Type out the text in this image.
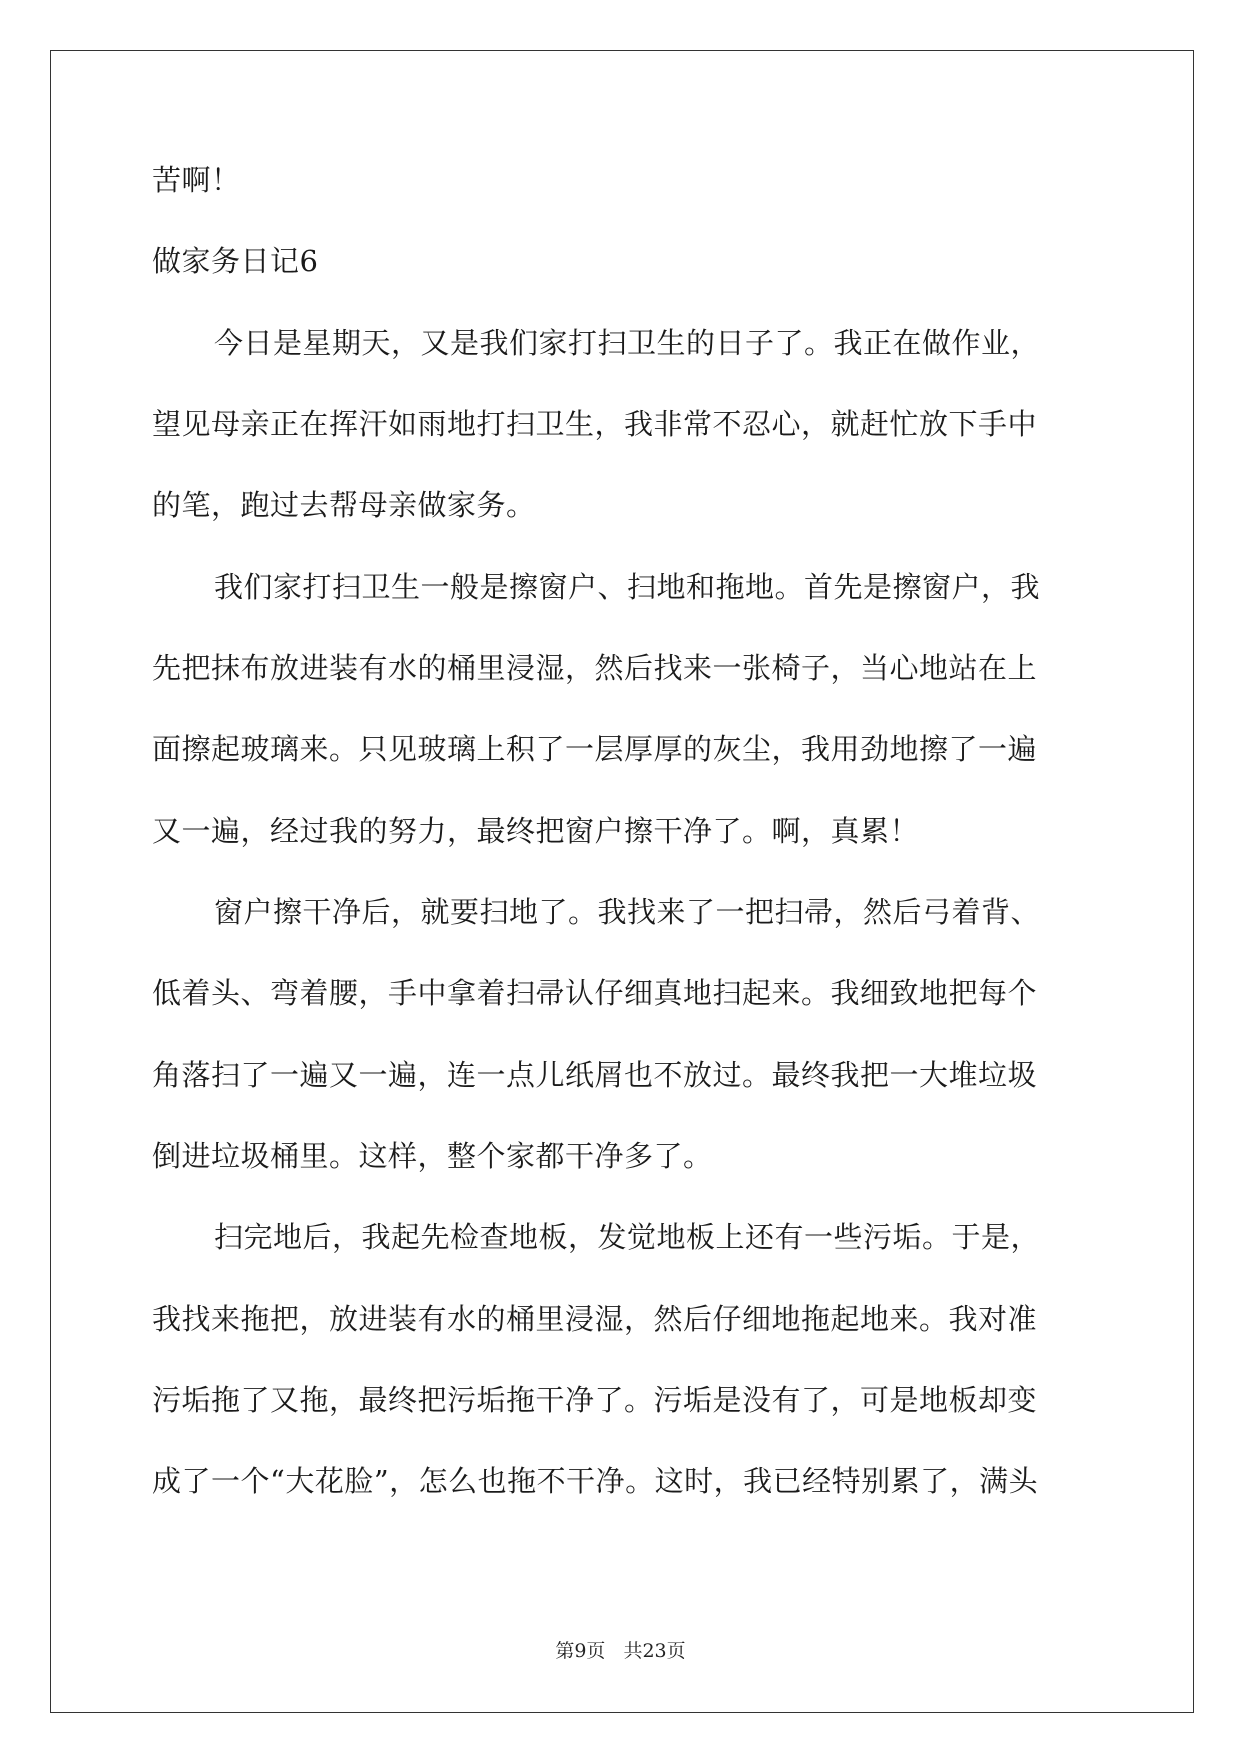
苦啊！

做家务日记6

今日是星期天，又是我们家打扫卫生的日子了。我正在做作业，

望见母亲正在挥汗如雨地打扫卫生，我非常不忍心，就赶忙放下手中

的笔，跑过去帮母亲做家务。

我们家打扫卫生一般是擦窗户、扫地和拖地。首先是擦窗户，我

先把抹布放进装有水的桶里浸湿，然后找来一张椅子，当心地站在上

面擦起玻璃来。只见玻璃上积了一层厚厚的灰尘，我用劲地擦了一遍

又一遍，经过我的努力，最终把窗户擦干净了。啊，真累！

窗户擦干净后，就要扫地了。我找来了一把扫帚，然后弓着背、

低着头、弯着腰，手中拿着扫帚认仔细真地扫起来。我细致地把每个

角落扫了一遍又一遍，连一点儿纸屑也不放过。最终我把一大堆垃圾

倒进垃圾桶里。这样，整个家都干净多了。

扫完地后，我起先检查地板，发觉地板上还有一些污垢。于是，

我找来拖把，放进装有水的桶里浸湿，然后仔细地拖起地来。我对准

污垢拖了又拖，最终把污垢拖干净了。污垢是没有了，可是地板却变

成了一个“大花脸”，怎么也拖不干净。这时，我已经特别累了，满头

第9页 共23页
